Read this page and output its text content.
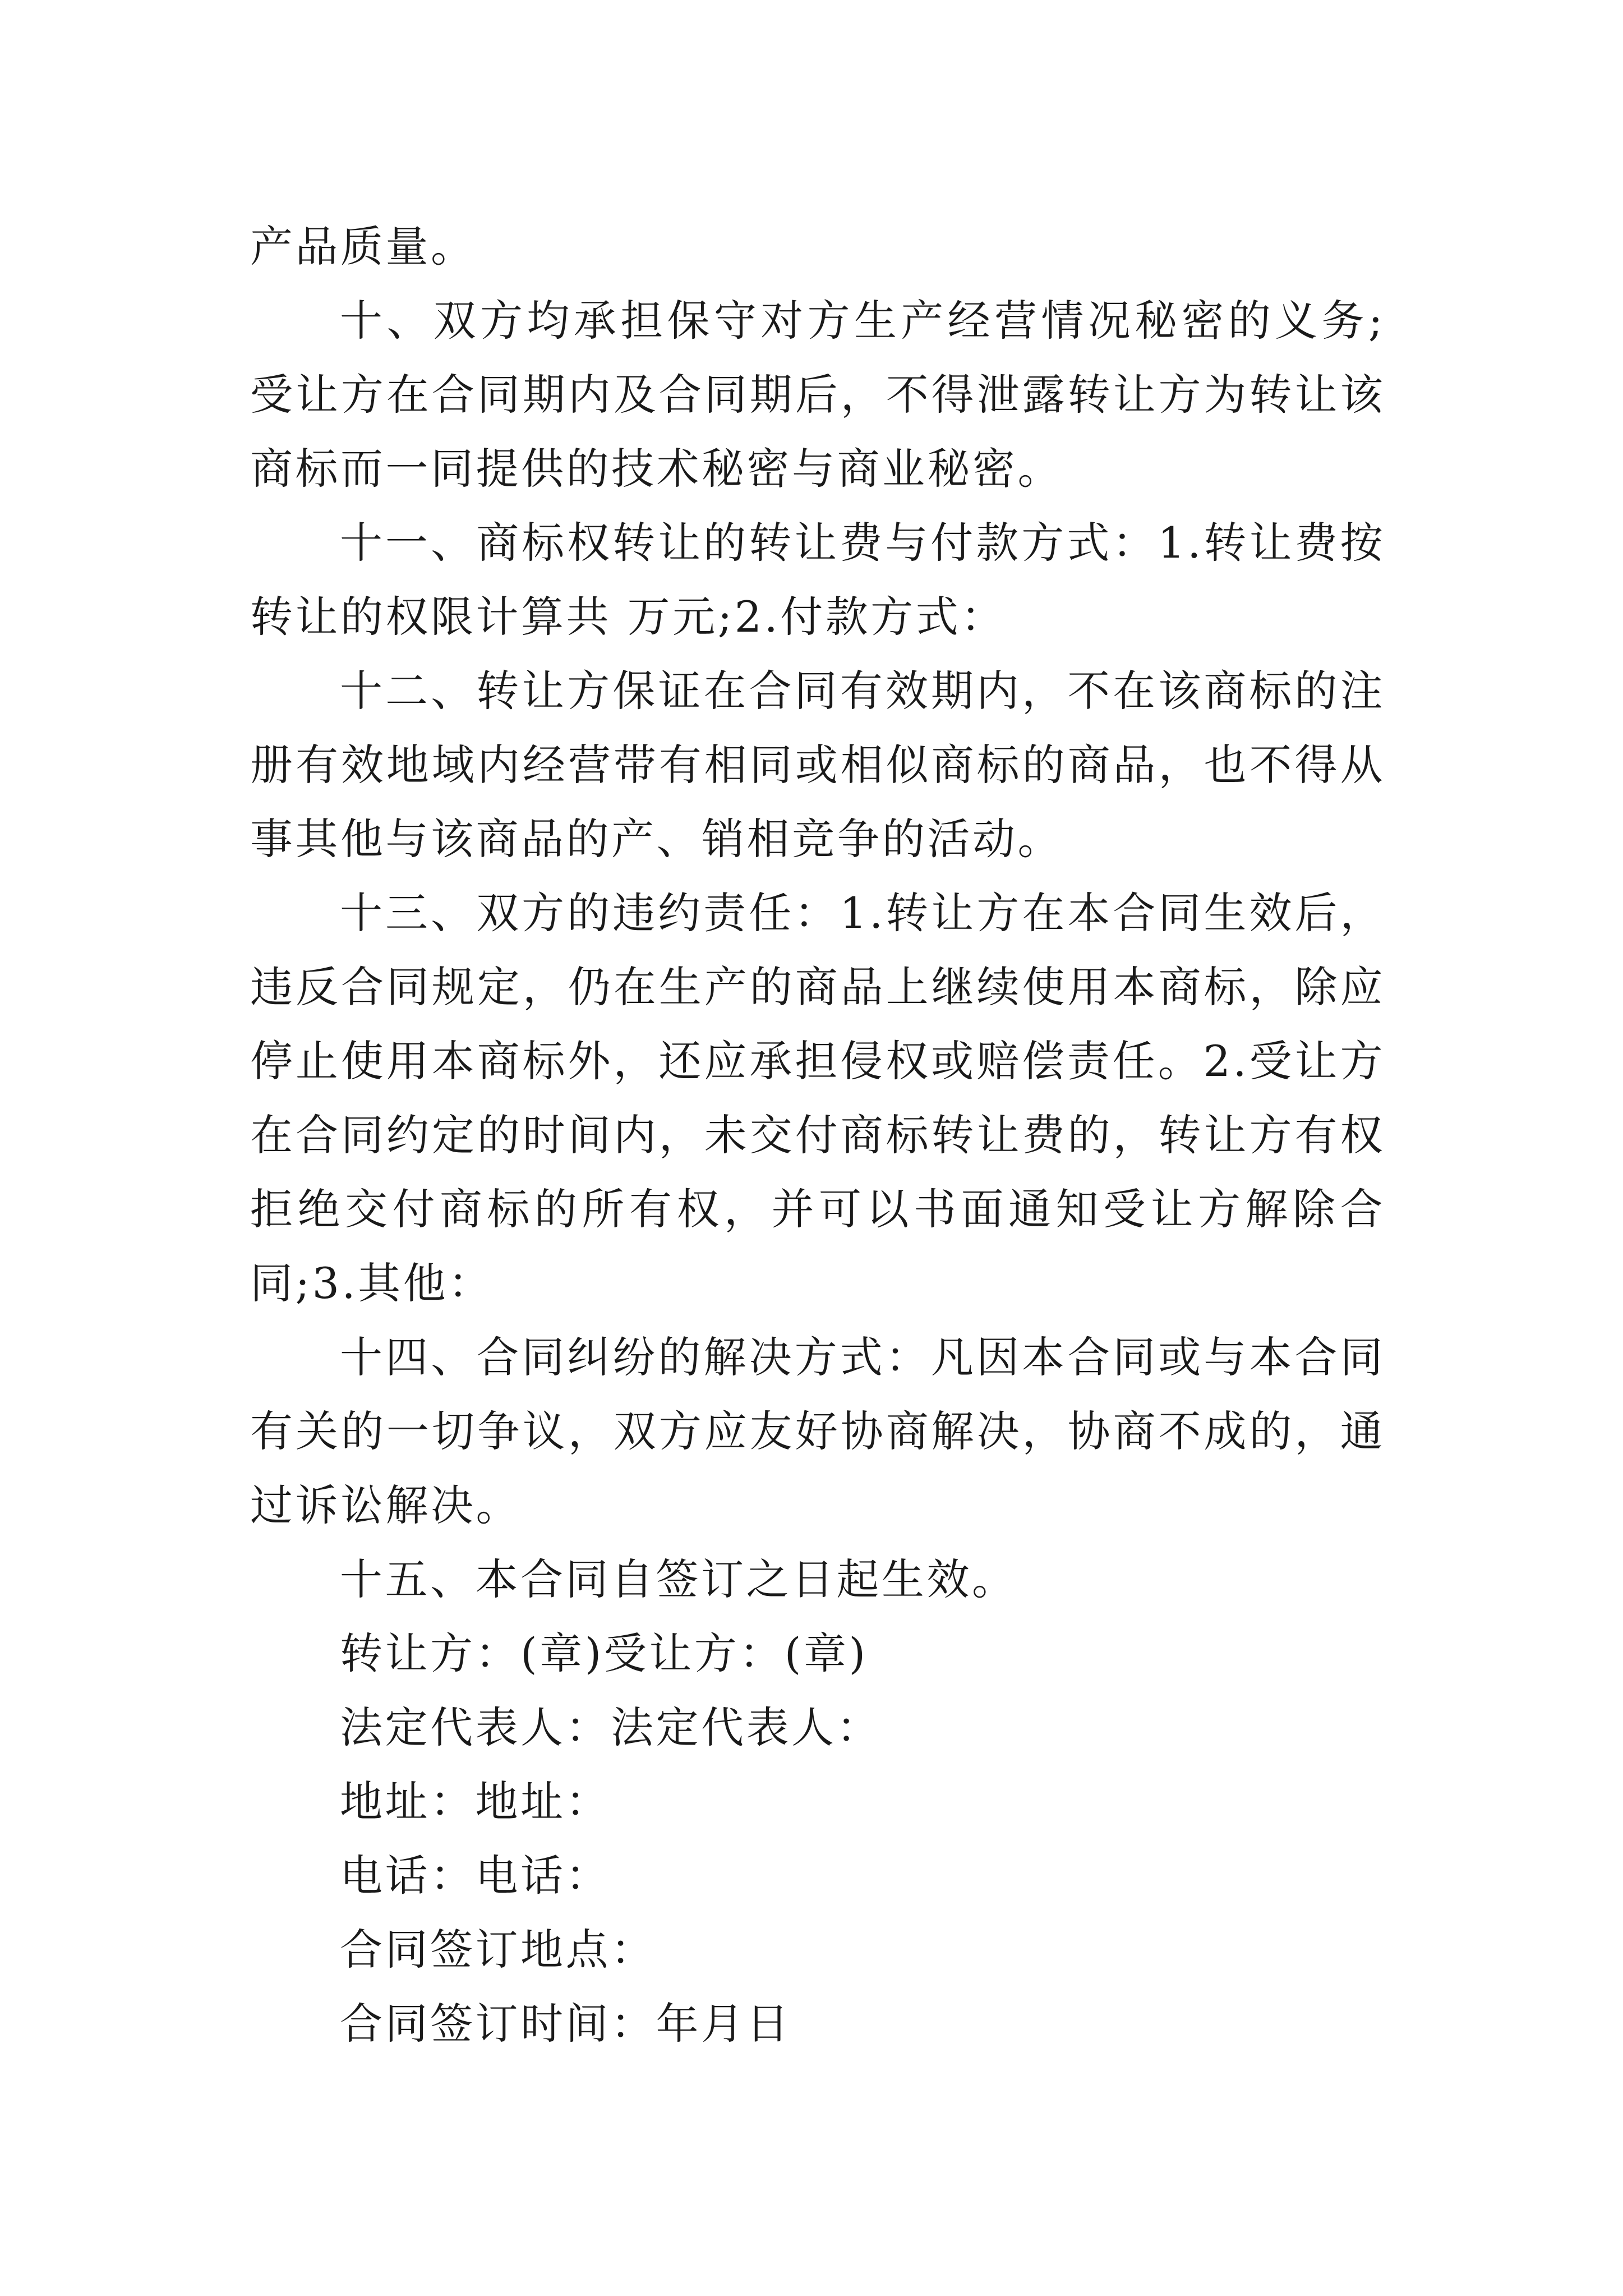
产品质量。

十、双方均承担保守对方生产经营情况秘密的义务;受让方在合同期内及合同期后，不得泄露转让方为转让该商标而一同提供的技术秘密与商业秘密。

十一、商标权转让的转让费与付款方式：1.转让费按转让的权限计算共 万元;2.付款方式：

十二、转让方保证在合同有效期内，不在该商标的注册有效地域内经营带有相同或相似商标的商品，也不得从事其他与该商品的产、销相竞争的活动。

十三、双方的违约责任：1.转让方在本合同生效后，违反合同规定，仍在生产的商品上继续使用本商标，除应停止使用本商标外，还应承担侵权或赔偿责任。2.受让方在合同约定的时间内，未交付商标转让费的，转让方有权拒绝交付商标的所有权，并可以书面通知受让方解除合同;3.其他：

十四、合同纠纷的解决方式：凡因本合同或与本合同有关的一切争议，双方应友好协商解决，协商不成的，通过诉讼解决。

十五、本合同自签订之日起生效。

转让方：(章)受让方：(章)

法定代表人：法定代表人：

地址：地址：

电话：电话：

合同签订地点：

合同签订时间：年月日
